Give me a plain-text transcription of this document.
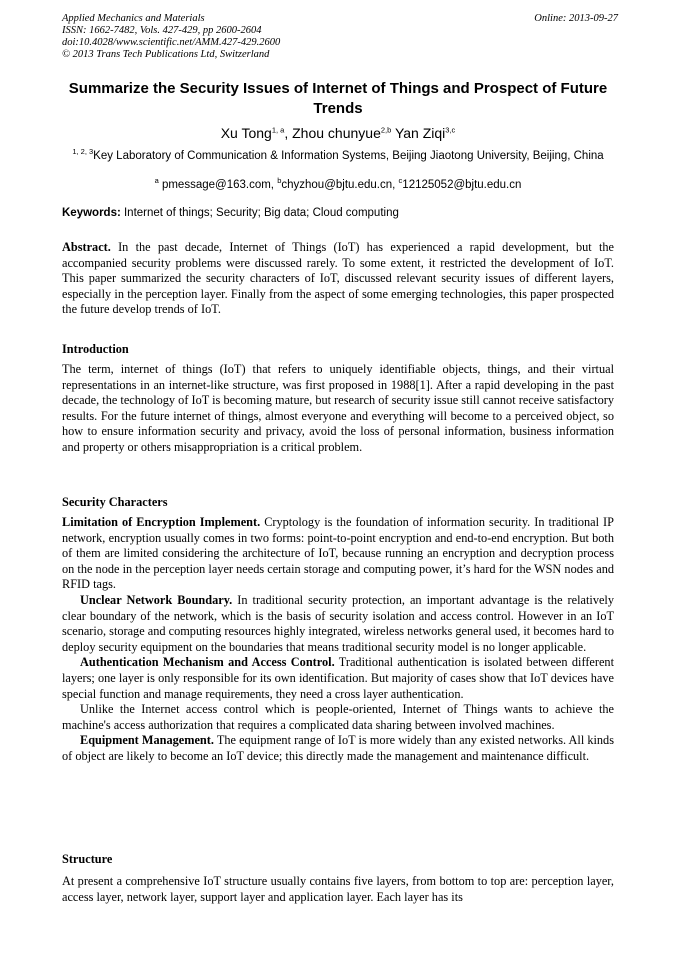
Applied Mechanics and Materials
ISSN: 1662-7482, Vols. 427-429, pp 2600-2604
doi:10.4028/www.scientific.net/AMM.427-429.2600
© 2013 Trans Tech Publications Ltd, Switzerland
Online: 2013-09-27
Summarize the Security Issues of Internet of Things and Prospect of Future Trends
Xu Tong$^{1, a}$, Zhou chunyue$^{2,b}$ Yan Ziqi$^{3,c}$
$^{1, 2, 3}$Key Laboratory of Communication & Information Systems, Beijing Jiaotong University, Beijing, China
$^a$ pmessage@163.com, $^b$chyzhou@bjtu.edu.cn, $^c$12125052@bjtu.edu.cn
Keywords: Internet of things; Security; Big data; Cloud computing

Abstract. In the past decade, Internet of Things (IoT) has experienced a rapid development, but the accompanied security problems were discussed rarely. To some extent, it restricted the development of IoT. This paper summarized the security characters of IoT, discussed relevant security issues of different layers, especially in the perception layer. Finally from the aspect of some emerging technologies, this paper prospected the future develop trends of IoT.

Introduction

The term, internet of things (IoT) that refers to uniquely identifiable objects, things, and their virtual representations in an internet-like structure, was first proposed in 1988[1]. After a rapid developing in the past decade, the technology of IoT is becoming mature, but research of security issue still cannot receive satisfactory results. For the future internet of things, almost everyone and everything will become to a perceived object, so how to ensure information security and privacy, avoid the loss of personal information, business information and property or others misappropriation is a critical problem.

Security Characters

Limitation of Encryption Implement. Cryptology is the foundation of information security. In traditional IP network, encryption usually comes in two forms: point-to-point encryption and end-to-end encryption. But both of them are limited considering the architecture of IoT, because running an encryption and decryption process on the node in the perception layer needs certain storage and computing power, it’s hard for the WSN nodes and RFID tags.

Unclear Network Boundary. In traditional security protection, an important advantage is the relatively clear boundary of the network, which is the basis of security isolation and access control. However in an IoT scenario, storage and computing resources highly integrated, wireless networks general used, it becomes hard to deploy security equipment on the boundaries that means traditional security model is no longer applicable.

Authentication Mechanism and Access Control. Traditional authentication is isolated between different layers; one layer is only responsible for its own identification. But majority of cases show that IoT devices have special function and manage requirements, they need a cross layer authentication.

Unlike the Internet access control which is people-oriented, Internet of Things wants to achieve the machine's access authorization that requires a complicated data sharing between involved machines.

Equipment Management. The equipment range of IoT is more widely than any existed networks. All kinds of object are likely to become an IoT device; this directly made the management and maintenance difficult.

Structure

At present a comprehensive IoT structure usually contains five layers, from bottom to top are: perception layer, access layer, network layer, support layer and application layer. Each layer has its
